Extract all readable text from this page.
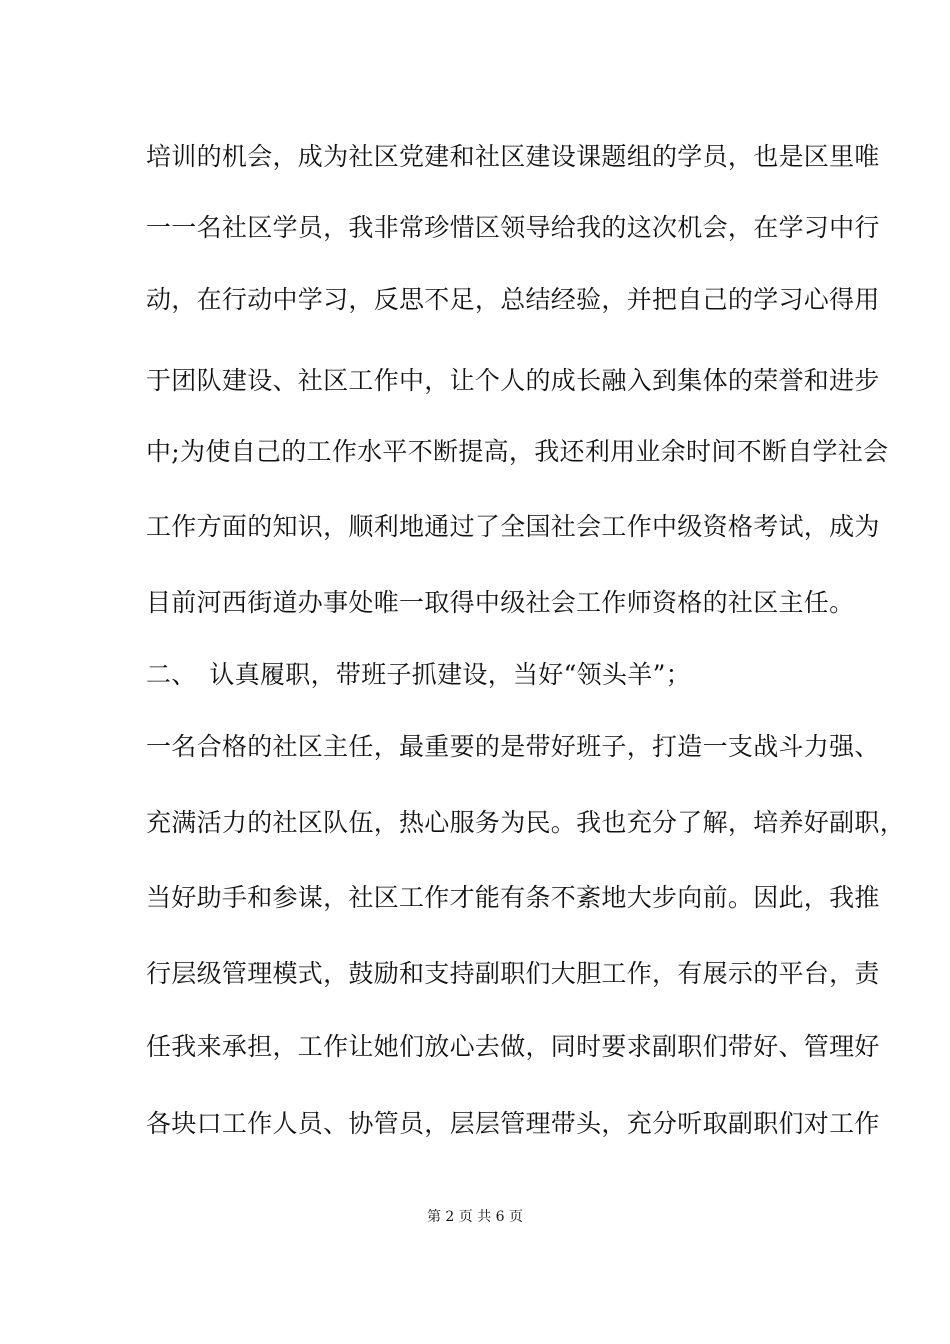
培训的机会，成为社区党建和社区建设课题组的学员，也是区里唯
一一名社区学员，我非常珍惜区领导给我的这次机会，在学习中行
动，在行动中学习，反思不足，总结经验，并把自己的学习心得用
于团队建设、社区工作中，让个人的成长融入到集体的荣誉和进步
中;为使自己的工作水平不断提高，我还利用业余时间不断自学社会
工作方面的知识，顺利地通过了全国社会工作中级资格考试，成为
目前河西街道办事处唯一取得中级社会工作师资格的社区主任。
二、　认真履职，带班子抓建设，当好“领头羊”；
一名合格的社区主任，最重要的是带好班子，打造一支战斗力强、
充满活力的社区队伍，热心服务为民。我也充分了解，培养好副职，
当好助手和参谋，社区工作才能有条不紊地大步向前。因此，我推
行层级管理模式，鼓励和支持副职们大胆工作，有展示的平台，责
任我来承担，工作让她们放心去做，同时要求副职们带好、管理好
各块口工作人员、协管员，层层管理带头，充分听取副职们对工作
第 2 页 共 6 页
